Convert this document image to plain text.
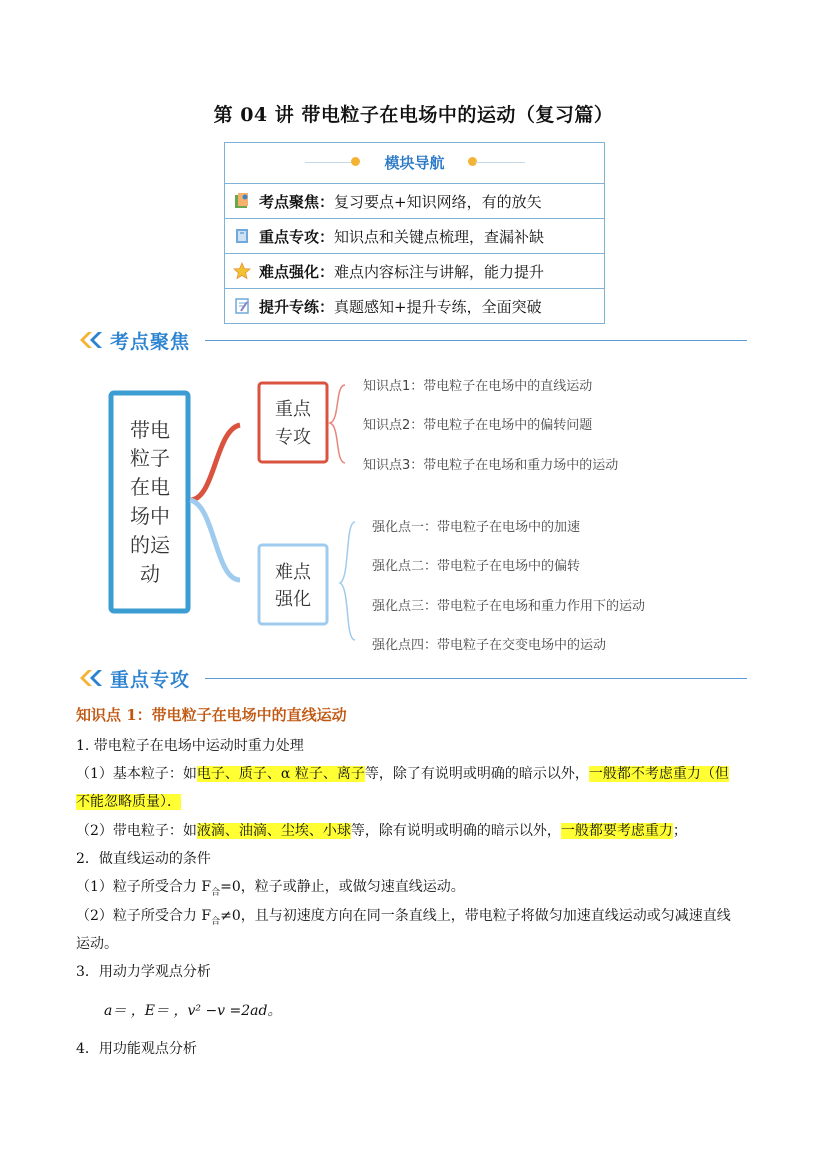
第 04 讲 带电粒子在电场中的运动（复习篇）
模块导航
考点聚焦： 复习要点+知识网络，有的放矢
重点专攻： 知识点和关键点梳理，查漏补缺
难点强化： 难点内容标注与讲解，能力提升
提升专练： 真题感知+提升专练，全面突破
考点聚焦
带电
粒子
在电
场中
的运
动
重点
专攻
难点
强化
知识点1：带电粒子在电场中的直线运动
知识点2：带电粒子在电场中的偏转问题
知识点3：带电粒子在电场和重力场中的运动
强化点一：带电粒子在电场中的加速
强化点二：带电粒子在电场中的偏转
强化点三：带电粒子在电场和重力作用下的运动
强化点四：带电粒子在交变电场中的运动
重点专攻
知识点 1：带电粒子在电场中的直线运动
1. 带电粒子在电场中运动时重力处理
（1）基本粒子：如电子、质子、α 粒子、离子等，除了有说明或明确的暗示以外，一般都不考虑重力（但
不能忽略质量）．
（2）带电粒子：如液滴、油滴、尘埃、小球等，除有说明或明确的暗示以外，一般都要考虑重力；
2．做直线运动的条件
（1）粒子所受合力 $F_合=0$，粒子或静止，或做匀速直线运动。
（2）粒子所受合力 $F_合\ne 0$，且与初速度方向在同一条直线上，带电粒子将做匀加速直线运动或匀减速直线
运动。
3．用动力学观点分析
a＝ ，E＝ ，v² −v =2ad。
4．用功能观点分析
